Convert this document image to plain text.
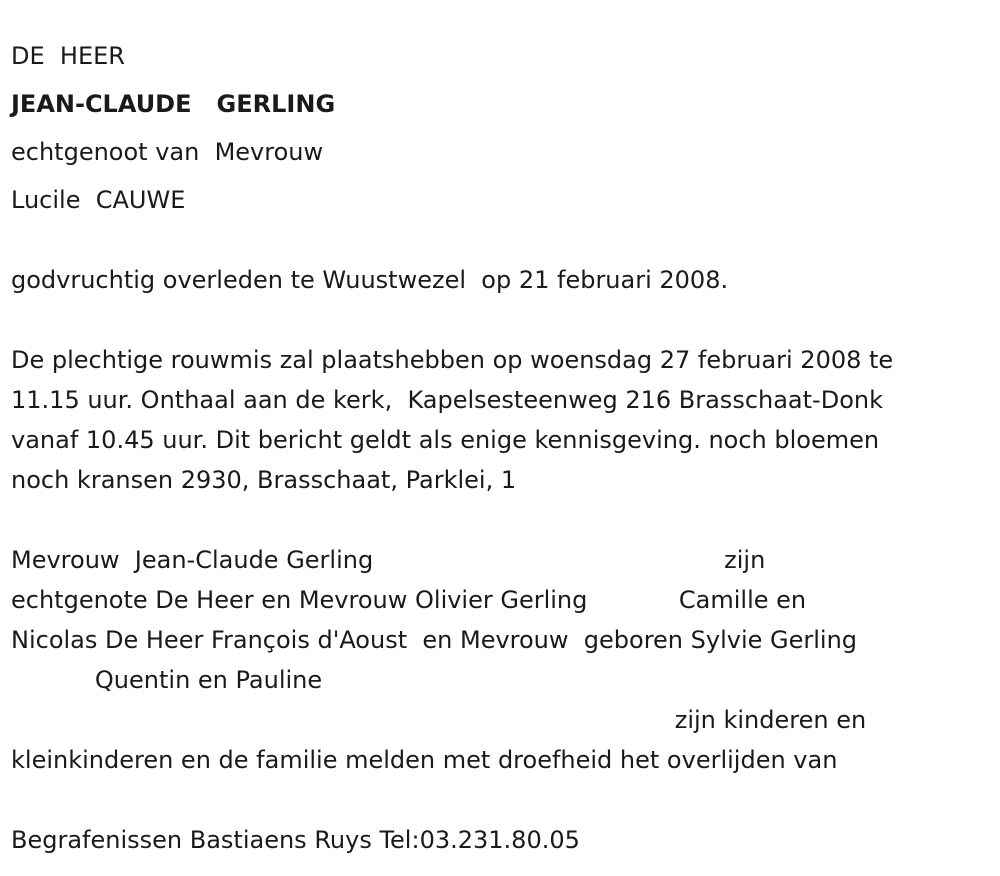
DE  HEER

JEAN-CLAUDE   GERLING

echtgenoot van  Mevrouw

Lucile  CAUWE

godvruchtig overleden te Wuustwezel  op 21 februari 2008.

De plechtige rouwmis zal plaatshebben op woensdag 27 februari 2008 te

11.15 uur. Onthaal aan de kerk,  Kapelsesteenweg 216 Brasschaat-Donk

vanaf 10.45 uur. Dit bericht geldt als enige kennisgeving. noch bloemen

noch kransen 2930, Brasschaat, Parklei, 1

Mevrouw  Jean-Claude Gerling                                              zijn

echtgenote De Heer en Mevrouw Olivier Gerling            Camille en

Nicolas De Heer François d'Aoust  en Mevrouw  geboren Sylvie Gerling

Quentin en Pauline

zijn kinderen en

kleinkinderen en de familie melden met droefheid het overlijden van

Begrafenissen Bastiaens Ruys Tel:03.231.80.05
